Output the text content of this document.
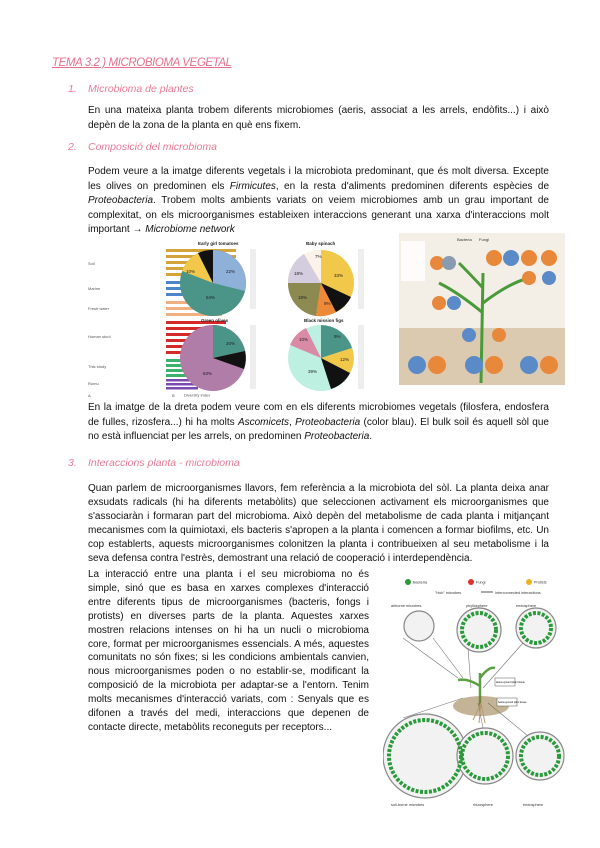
TEMA 3.2 ) MICROBIOMA VEGETAL
1. Microbioma de plantes
En una mateixa planta trobem diferents microbiomes (aeris, associat a les arrels, endòfits...) i això depèn de la zona de la planta en què ens fixem.
2. Composició del microbioma
Podem veure a la imatge diferents vegetals i la microbiota predominant, que és molt diversa. Excepte les olives on predominen els Firmicutes, en la resta d'aliments predominen diferents espècies de Proteobacteria. Trobem molts ambients variats on veiem microbiomes amb un grau important de complexitat, on els microorganismes estableixen interaccions generant una xarxa d'interaccions molt important → Microbiome network
Soil
Marine
Fresh water
Human stool
This study
Rumu
A	B Diversity Index
Early girl tomatoes	Baby spinach
Green olives	Black mission figs
22%
54%
10%
7%
33%
18%
18%
9%
20%
63%
10%
9%
12%
39%
Bacteria Fungi
En la imatge de la dreta podem veure com en els diferents microbiomes vegetals (filosfera, endosfera de fulles, rizosfera...) hi ha molts Ascomicets, Proteobacteria (color blau). El bulk soil és aquell sòl que no està influenciat per les arrels, on predominen Proteobacteria.
3. Interaccions planta - microbioma
Quan parlem de microorganismes llavors, fem referència a la microbiota del sòl. La planta deixa anar exsudats radicals (hi ha diferents metabòlits) que seleccionen activament els microorganismes que s'associaràn i formaran part del microbioma. Això depèn del metabolisme de cada planta i mitjançant mecanismes com la quimiotaxi, els bacteris s'apropen a la planta i comencen a formar biofilms, etc. Un cop establerts, aquests microorganismes colonitzen la planta i contribueixen al seu metabolisme i la seva defensa contra l'estrès, demostrant una relació de cooperació i interdependència.
La interacció entre una planta i el seu microbioma no és simple, sinó que es basa en xarxes complexes d'interacció entre diferents tipus de microorganismes (bacteris, fongs i protists) en diverses parts de la planta. Aquestes xarxes mostren relacions intenses on hi ha un nucli o microbioma core, format per microorganismes essencials. A més, aquestes comunitats no són fixes; si les condicions ambientals canvien, nous microorganismes poden o no establir-se, modificant la composició de la microbiota per adaptar-se a l'entorn. Tenim molts mecanismes d'interacció variats, com : Senyals que es difonen a través del medi, interaccions que depenen de contacte directe, metabòlits reconeguts per receptors...
Bacteria	Fungi	Protists
"Hub" microbes	Interconnected interactions
airborne microbes	phyllosphere	endosphere
soil-borne microbes	rhizosphere	endosphere
above-ground plant tissue
below-ground plant tissue
